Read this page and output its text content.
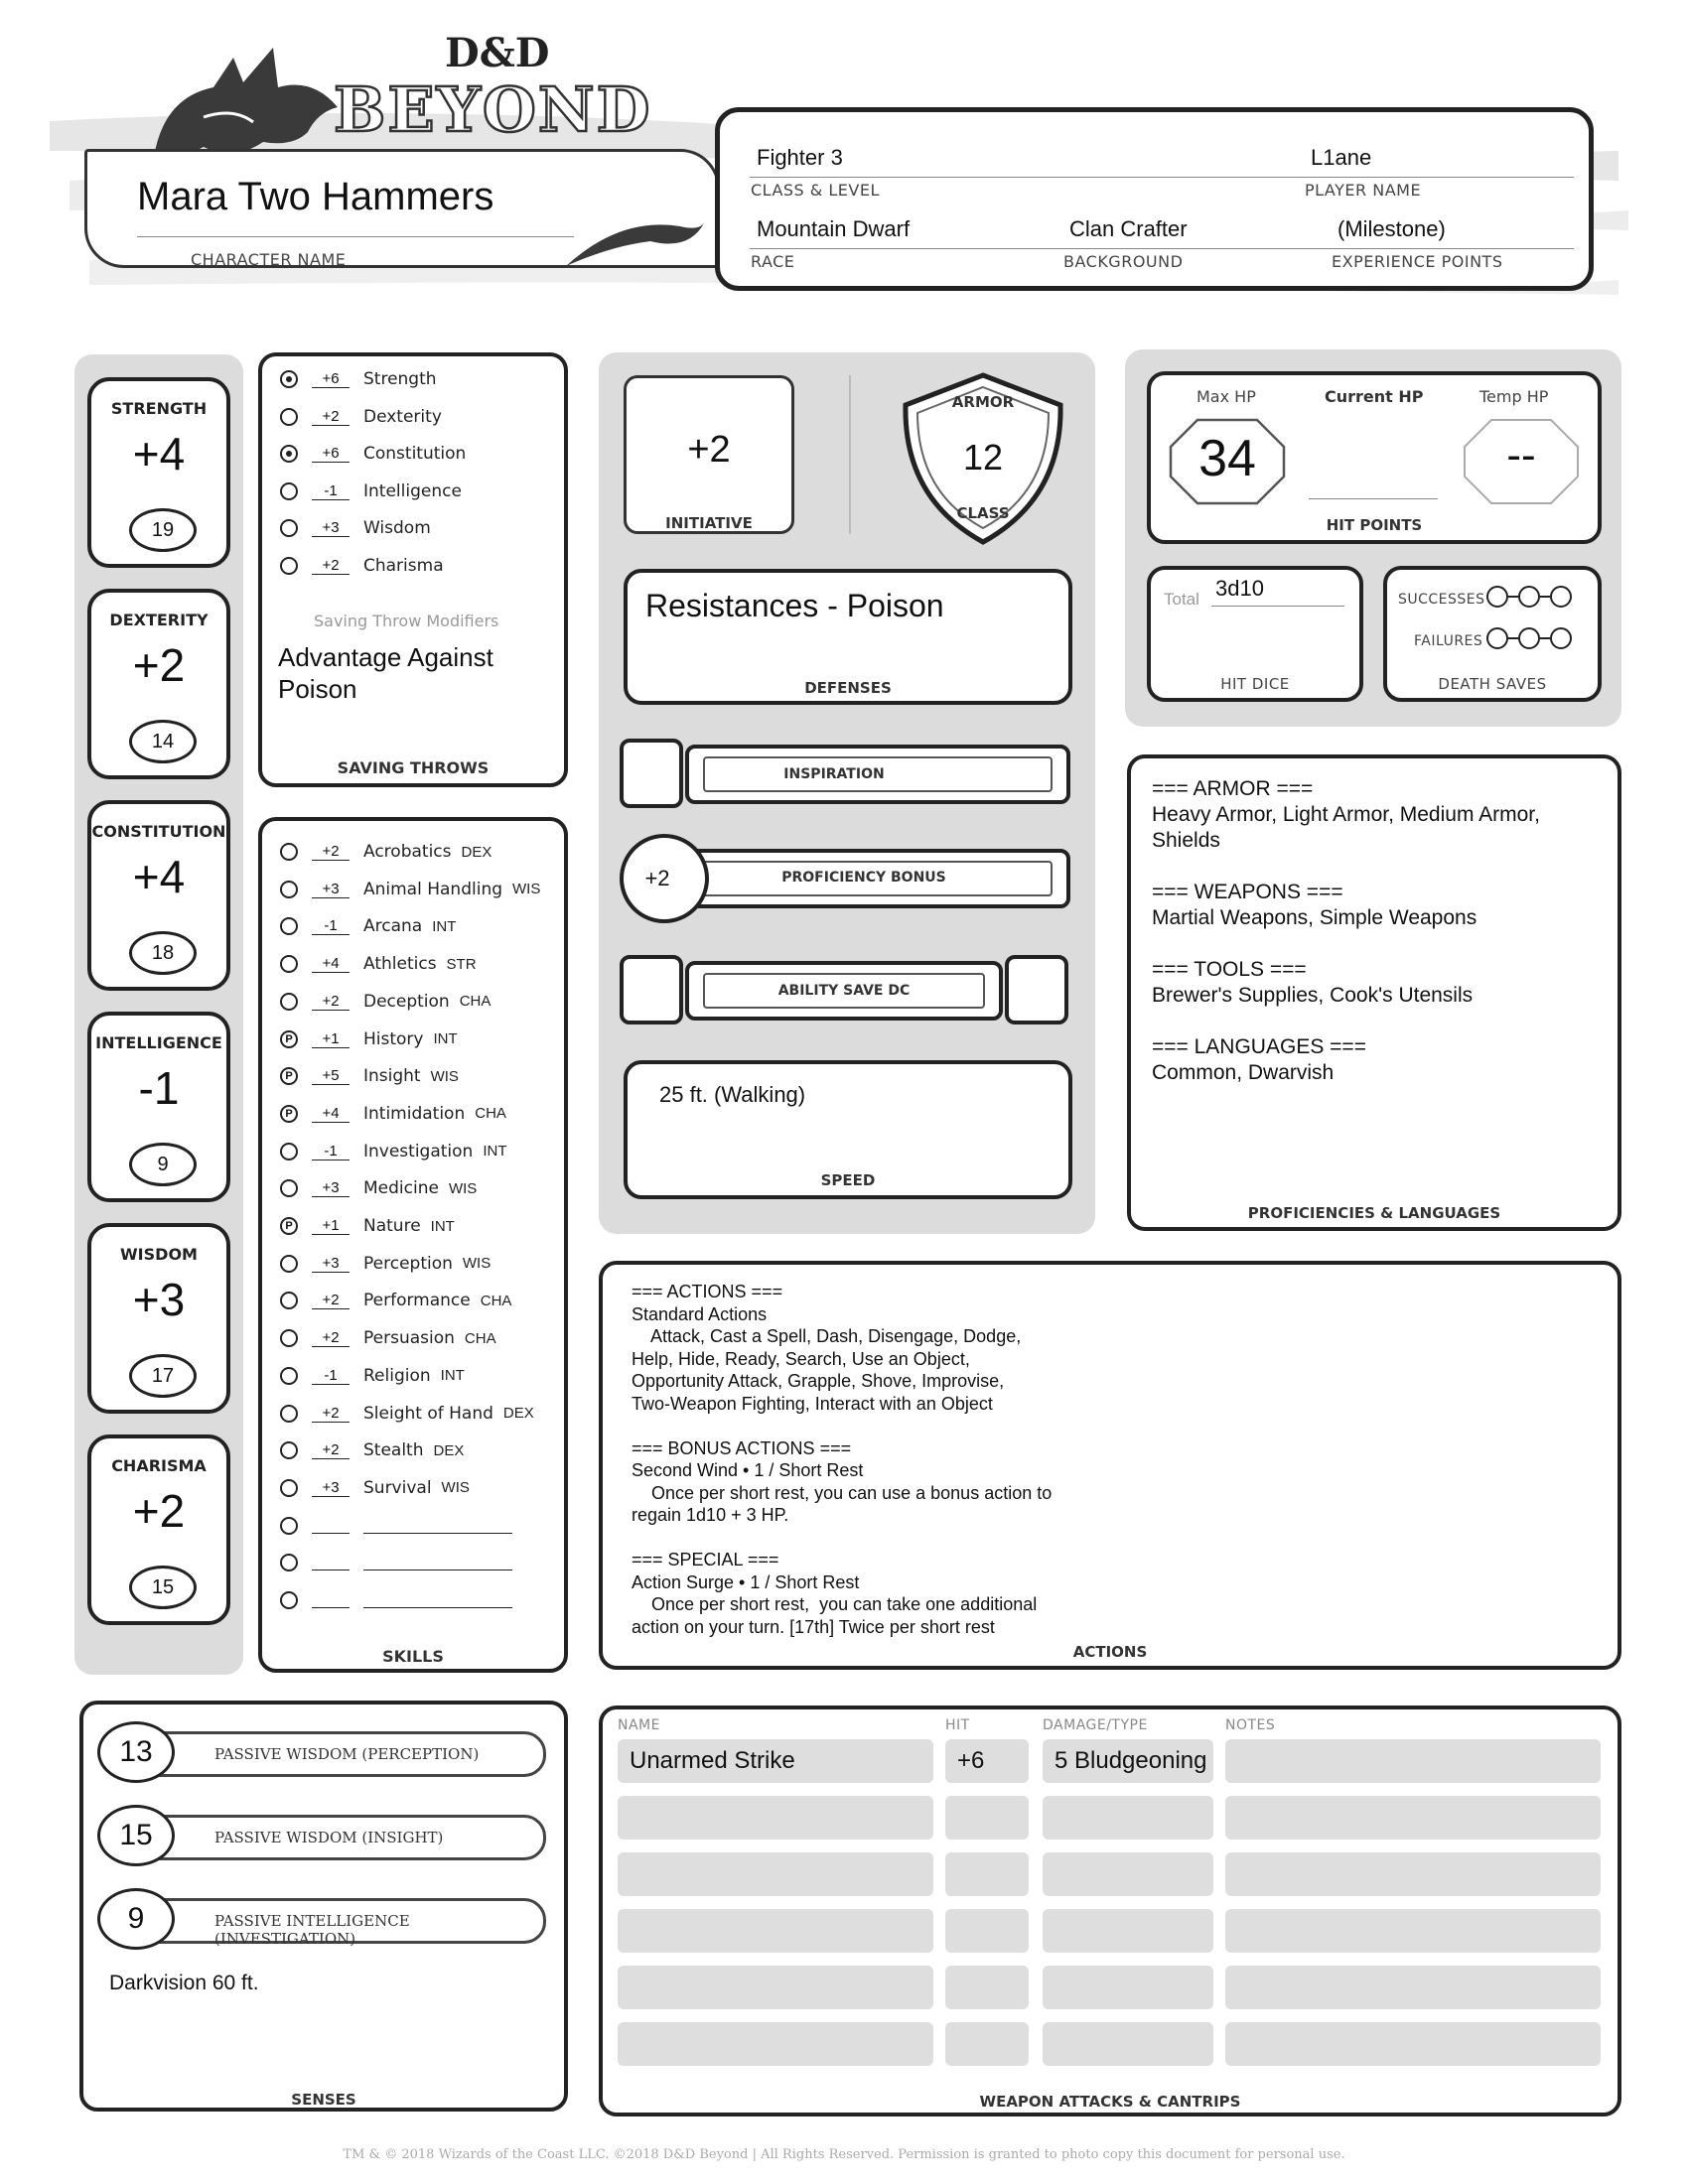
D&D
BEYOND
Mara Two Hammers
CHARACTER NAME
Fighter 3	L1ane
CLASS & LEVEL	PLAYER NAME
Mountain Dwarf	Clan Crafter	(Milestone)
RACE	BACKGROUND	EXPERIENCE POINTS
STRENGTH
+4
19
DEXTERITY
+2
14
CONSTITUTION
+4
18
INTELLIGENCE
-1
9
WISDOM
+3
17
CHARISMA
+2
15
+6	Strength
+2	Dexterity
+6	Constitution
-1	Intelligence
+3	Wisdom
+2	Charisma
Saving Throw Modifiers
Advantage Against Poison
SAVING THROWS
+2	Acrobatics DEX
+3	Animal Handling WIS
-1	Arcana INT
+4	Athletics STR
+2	Deception CHA
P	+1	History INT
P	+5	Insight WIS
P	+4	Intimidation CHA
-1	Investigation INT
+3	Medicine WIS
P	+1	Nature INT
+3	Perception WIS
+2	Performance CHA
+2	Persuasion CHA
-1	Religion INT
+2	Sleight of Hand DEX
+2	Stealth DEX
+3	Survival WIS
SKILLS
+2
INITIATIVE
ARMOR
12
CLASS
Resistances - Poison
DEFENSES
INSPIRATION
+2	PROFICIENCY BONUS
ABILITY SAVE DC
25 ft. (Walking)
SPEED
Max HP
34
Current HP	Temp HP
--
HIT POINTS
Total 3d10
HIT DICE
SUCCESSES
FAILURES
DEATH SAVES
=== ARMOR ===
Heavy Armor, Light Armor, Medium Armor, Shields
=== WEAPONS ===
Martial Weapons, Simple Weapons
=== TOOLS ===
Brewer's Supplies, Cook's Utensils
=== LANGUAGES ===
Common, Dwarvish
PROFICIENCIES & LANGUAGES
=== ACTIONS ===
Standard Actions
Attack, Cast a Spell, Dash, Disengage, Dodge,
Help, Hide, Ready, Search, Use an Object,
Opportunity Attack, Grapple, Shove, Improvise,
Two-Weapon Fighting, Interact with an Object
=== BONUS ACTIONS ===
Second Wind • 1 / Short Rest
Once per short rest, you can use a bonus action to
regain 1d10 + 3 HP.
=== SPECIAL ===
Action Surge • 1 / Short Rest
Once per short rest,  you can take one additional
action on your turn. [17th] Twice per short rest
ACTIONS
13	PASSIVE WISDOM (PERCEPTION)
15	PASSIVE WISDOM (INSIGHT)
9	PASSIVE INTELLIGENCE (INVESTIGATION)
Darkvision 60 ft.
SENSES
NAME	HIT	DAMAGE/TYPE	NOTES
Unarmed Strike	+6	5 Bludgeoning
WEAPON ATTACKS & CANTRIPS
TM & © 2018 Wizards of the Coast LLC. ©2018 D&D Beyond | All Rights Reserved. Permission is granted to photo copy this document for personal use.
